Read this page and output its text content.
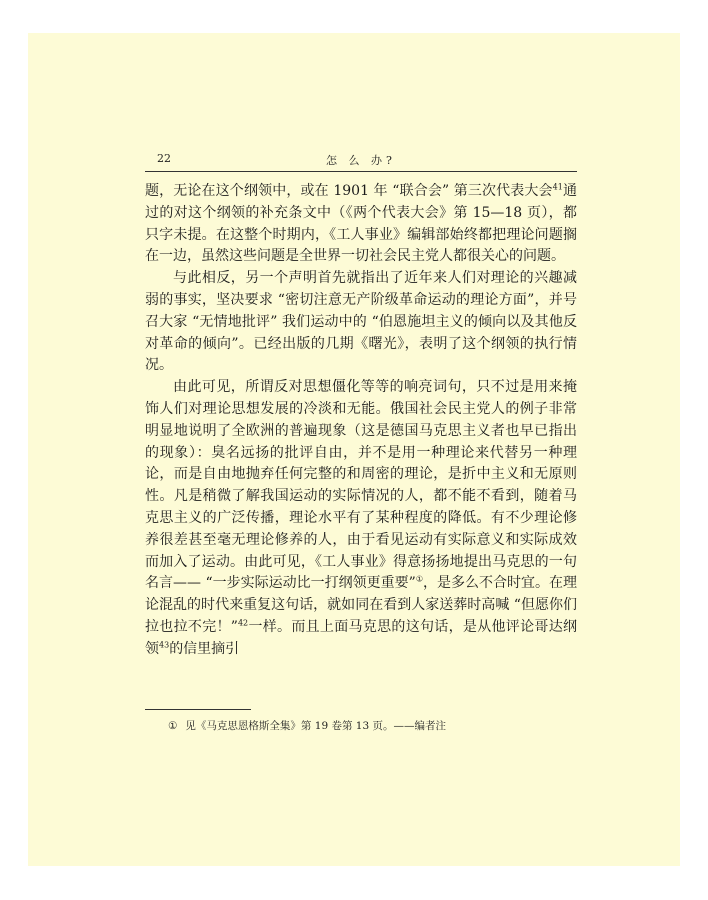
22	怎 么 办?

题，无论在这个纲领中，或在 1901 年 “联合会” 第三次代表大会$^{41}$通过的对这个纲领的补充条文中（《两个代表大会》第 15—18 页），都只字未提。在这整个时期内，《工人事业》编辑部始终都把理论问题搁在一边，虽然这些问题是全世界一切社会民主党人都很关心的问题。

与此相反，另一个声明首先就指出了近年来人们对理论的兴趣减弱的事实，坚决要求 “密切注意无产阶级革命运动的理论方面”，并号召大家 “无情地批评” 我们运动中的 “伯恩施坦主义的倾向以及其他反对革命的倾向”。已经出版的几期《曙光》，表明了这个纲领的执行情况。

由此可见，所谓反对思想僵化等等的响亮词句，只不过是用来掩饰人们对理论思想发展的冷淡和无能。俄国社会民主党人的例子非常明显地说明了全欧洲的普遍现象（这是德国马克思主义者也早已指出的现象）：臭名远扬的批评自由，并不是用一种理论来代替另一种理论，而是自由地抛弃任何完整的和周密的理论，是折中主义和无原则性。凡是稍微了解我国运动的实际情况的人，都不能不看到，随着马克思主义的广泛传播，理论水平有了某种程度的降低。有不少理论修养很差甚至毫无理论修养的人，由于看见运动有实际意义和实际成效而加入了运动。由此可见，《工人事业》得意扬扬地提出马克思的一句名言—— “一步实际运动比一打纲领更重要”①，是多么不合时宜。在理论混乱的时代来重复这句话，就如同在看到人家送葬时高喊 “但愿你们拉也拉不完！”$^{42}$一样。而且上面马克思的这句话，是从他评论哥达纲领$^{43}$的信里摘引

① 见《马克思恩格斯全集》第 19 卷第 13 页。——编者注
